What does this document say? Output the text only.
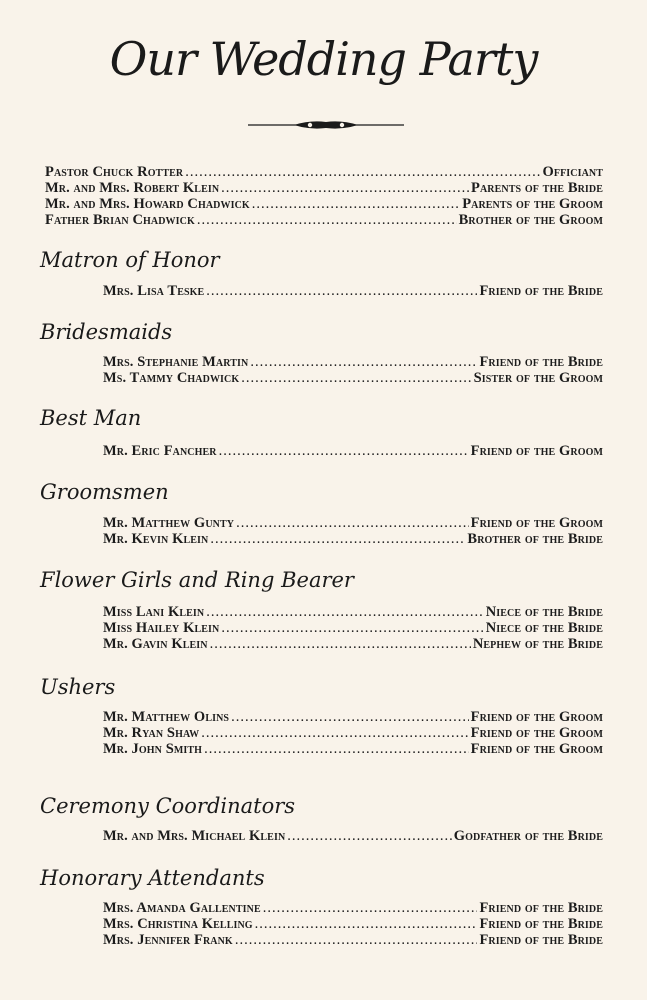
Our Wedding Party
Pastor Chuck Rotter .....	Officiant
Mr. and Mrs. Robert Klein .....	Parents of the Bride
Mr. and Mrs. Howard Chadwick .....	Parents of the Groom
Father Brian Chadwick .....	Brother of the Groom
Matron of Honor
Mrs. Lisa Teske .....	Friend of the Bride
Bridesmaids
Mrs. Stephanie Martin .....	Friend of the Bride
Ms. Tammy Chadwick .....	Sister of the Groom
Best Man
Mr. Eric Fancher .....	Friend of the Groom
Groomsmen
Mr. Matthew Gunty .....	Friend of the Groom
Mr. Kevin Klein .....	Brother of the Bride
Flower Girls and Ring Bearer
Miss Lani Klein .....	Niece of the Bride
Miss Hailey Klein .....	Niece of the Bride
Mr. Gavin Klein .....	Nephew of the Bride
Ushers
Mr. Matthew Olins .....	Friend of the Groom
Mr. Ryan Shaw .....	Friend of the Groom
Mr. John Smith .....	Friend of the Groom
Ceremony Coordinators
Mr. and Mrs. Michael Klein .....	Godfather of the Bride
Honorary Attendants
Mrs. Amanda Gallentine .....	Friend of the Bride
Mrs. Christina Kelling .....	Friend of the Bride
Mrs. Jennifer Frank .....	Friend of the Bride
